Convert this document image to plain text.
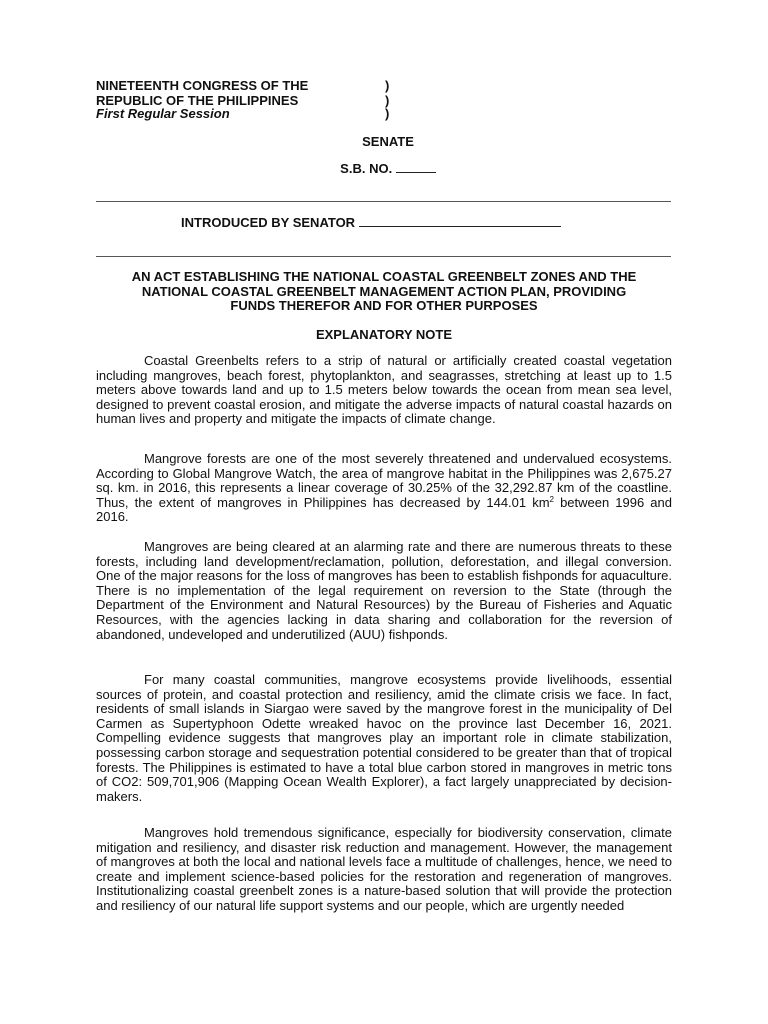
NINETEENTH CONGRESS OF THE
REPUBLIC OF THE PHILIPPINES
First Regular Session
)
)
)
SENATE
S.B. NO.
INTRODUCED BY SENATOR
AN ACT ESTABLISHING THE NATIONAL COASTAL GREENBELT ZONES AND THE
NATIONAL COASTAL GREENBELT MANAGEMENT ACTION PLAN, PROVIDING
FUNDS THEREFOR AND FOR OTHER PURPOSES
EXPLANATORY NOTE

Coastal Greenbelts refers to a strip of natural or artificially created coastal vegetation including mangroves, beach forest, phytoplankton, and seagrasses, stretching at least up to 1.5 meters above towards land and up to 1.5 meters below towards the ocean from mean sea level, designed to prevent coastal erosion, and mitigate the adverse impacts of natural coastal hazards on human lives and property and mitigate the impacts of climate change.

Mangrove forests are one of the most severely threatened and undervalued ecosystems. According to Global Mangrove Watch, the area of mangrove habitat in the Philippines was 2,675.27 sq. km. in 2016, this represents a linear coverage of 30.25% of the 32,292.87 km of the coastline. Thus, the extent of mangroves in Philippines has decreased by 144.01 $km^2$ between 1996 and 2016.

Mangroves are being cleared at an alarming rate and there are numerous threats to these forests, including land development/reclamation, pollution, deforestation, and illegal conversion. One of the major reasons for the loss of mangroves has been to establish fishponds for aquaculture. There is no implementation of the legal requirement on reversion to the State (through the Department of the Environment and Natural Resources) by the Bureau of Fisheries and Aquatic Resources, with the agencies lacking in data sharing and collaboration for the reversion of abandoned, undeveloped and underutilized (AUU) fishponds.

For many coastal communities, mangrove ecosystems provide livelihoods, essential sources of protein, and coastal protection and resiliency, amid the climate crisis we face. In fact, residents of small islands in Siargao were saved by the mangrove forest in the municipality of Del Carmen as Supertyphoon Odette wreaked havoc on the province last December 16, 2021. Compelling evidence suggests that mangroves play an important role in climate stabilization, possessing carbon storage and sequestration potential considered to be greater than that of tropical forests. The Philippines is estimated to have a total blue carbon stored in mangroves in metric tons of CO2: 509,701,906 (Mapping Ocean Wealth Explorer), a fact largely unappreciated by decision-makers.

Mangroves hold tremendous significance, especially for biodiversity conservation, climate mitigation and resiliency, and disaster risk reduction and management. However, the management of mangroves at both the local and national levels face a multitude of challenges, hence, we need to create and implement science-based policies for the restoration and regeneration of mangroves. Institutionalizing coastal greenbelt zones is a nature-based solution that will provide the protection and resiliency of our natural life support systems and our people, which are urgently needed
